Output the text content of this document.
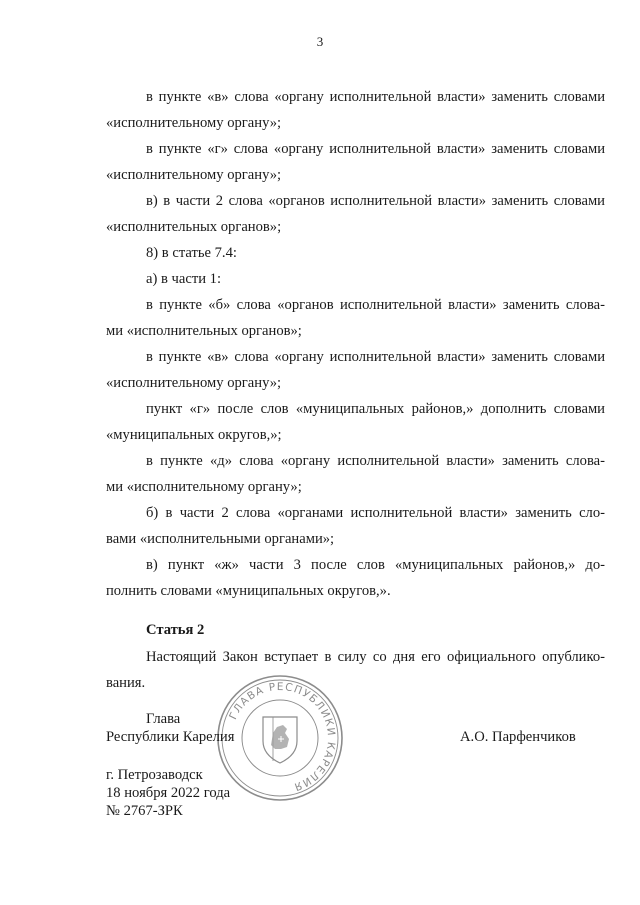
3
в пункте «в» слова «органу исполнительной власти» заменить словами
«исполнительному органу»;
в пункте «г» слова «органу исполнительной власти» заменить словами
«исполнительному органу»;
в) в части 2 слова «органов исполнительной власти» заменить словами
«исполнительных органов»;
8) в статье 7.4:
а) в части 1:
в пункте «б» слова «органов исполнительной власти» заменить слова-
ми «исполнительных органов»;
в пункте «в» слова «органу исполнительной власти» заменить словами
«исполнительному органу»;
пункт «г» после слов «муниципальных районов,» дополнить словами
«муниципальных округов,»;
в пункте «д» слова «органу исполнительной власти» заменить слова-
ми «исполнительному органу»;
б) в части 2 слова «органами исполнительной власти» заменить сло-
вами «исполнительными органами»;
в) пункт «ж» части 3 после слов «муниципальных районов,» до-
полнить словами «муниципальных округов,».
Статья 2
Настоящий Закон вступает в силу со дня его официального опублико-
вания.
ГЛАВА РЕСПУБЛИКИ КАРЕЛИЯ
Глава
Республики Карелия	А.О. Парфенчиков
г. Петрозаводск
18 ноября 2022 года
№ 2767-ЗРК
